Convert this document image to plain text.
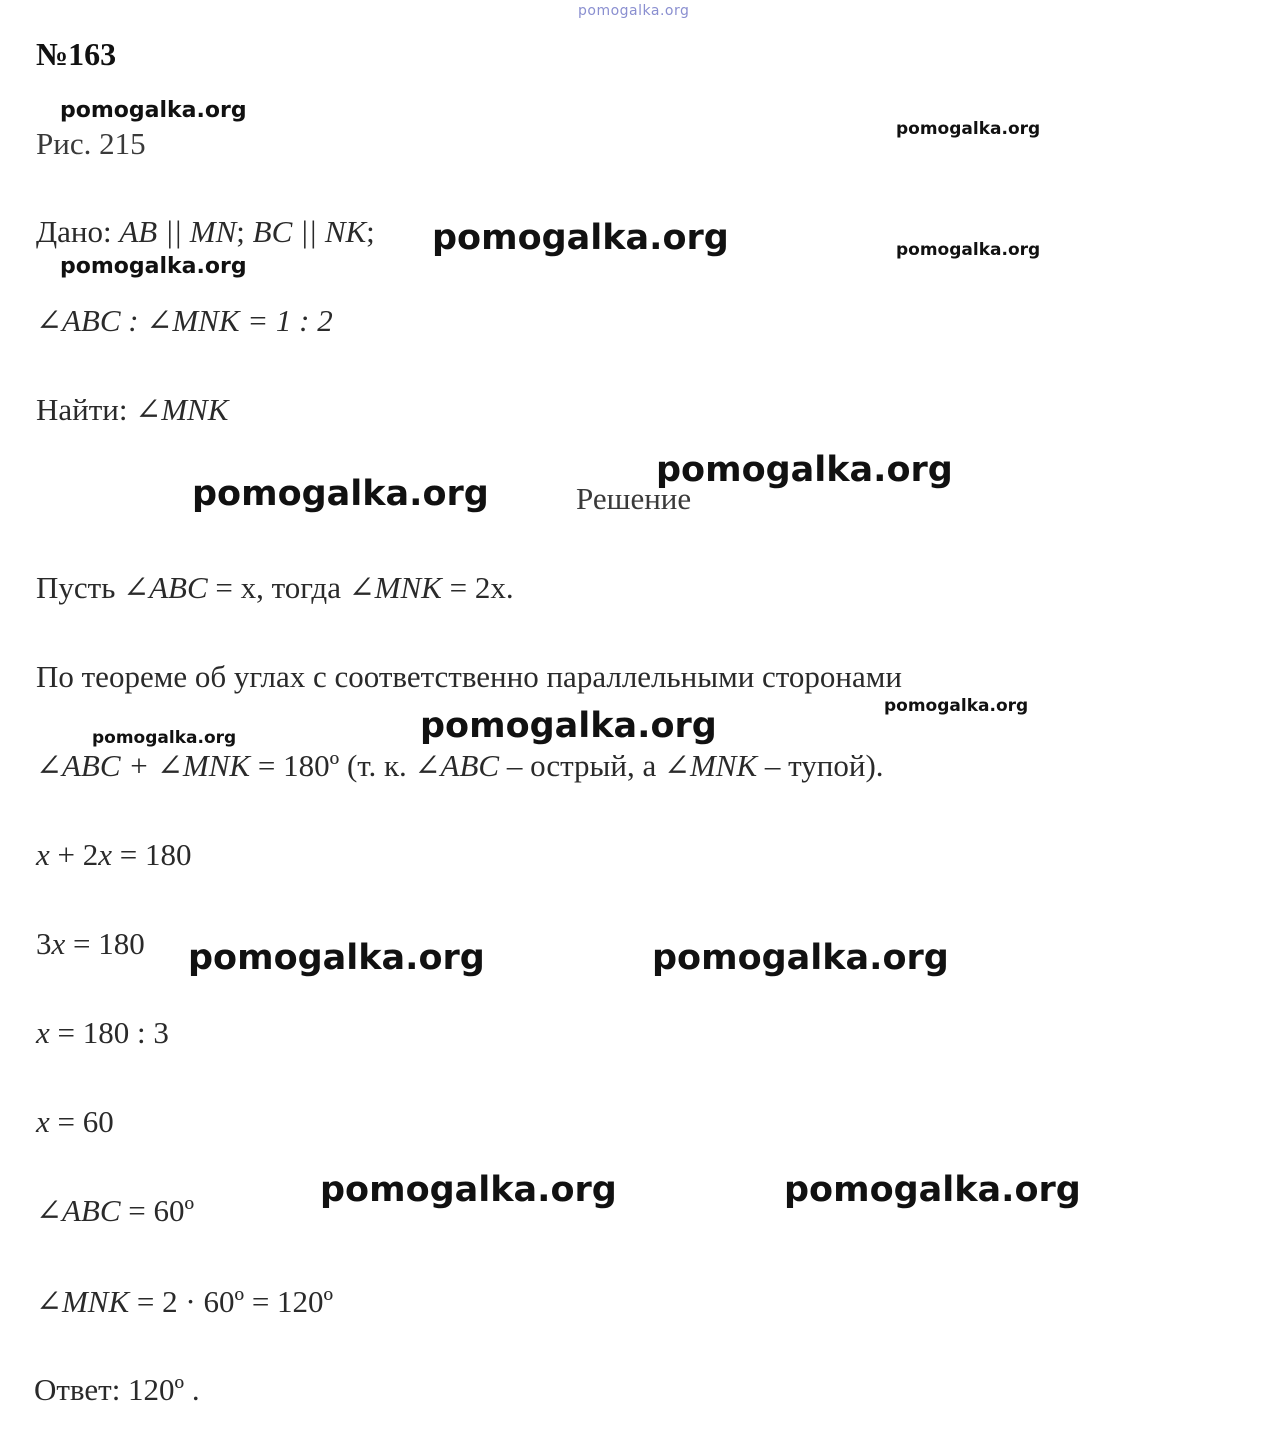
pomogalka.org
№163
pomogalka.org
pomogalka.org
Рис. 215
Дано: AB || MN; BC || NK; pomogalka.org	pomogalka.org
pomogalka.org
∠ABC : ∠MNK = 1 : 2
Найти: ∠MNK
pomogalka.org
pomogalka.org	Решение
Пусть ∠ABC = x, тогда ∠MNK = 2x.
По теореме об углах с соответственно параллельными сторонами
pomogalka.org
pomogalka.org
pomogalka.org
∠ABC + ∠MNK = 180º (т. к. ∠ABC – острый, а ∠MNK – тупой).
x + 2x = 180
3x = 180 pomogalka.org	pomogalka.org
x = 180 : 3
x = 60
pomogalka.org	pomogalka.org
∠ABC = 60º
∠MNK = 2 · 60º = 120º
Ответ: 120º .
